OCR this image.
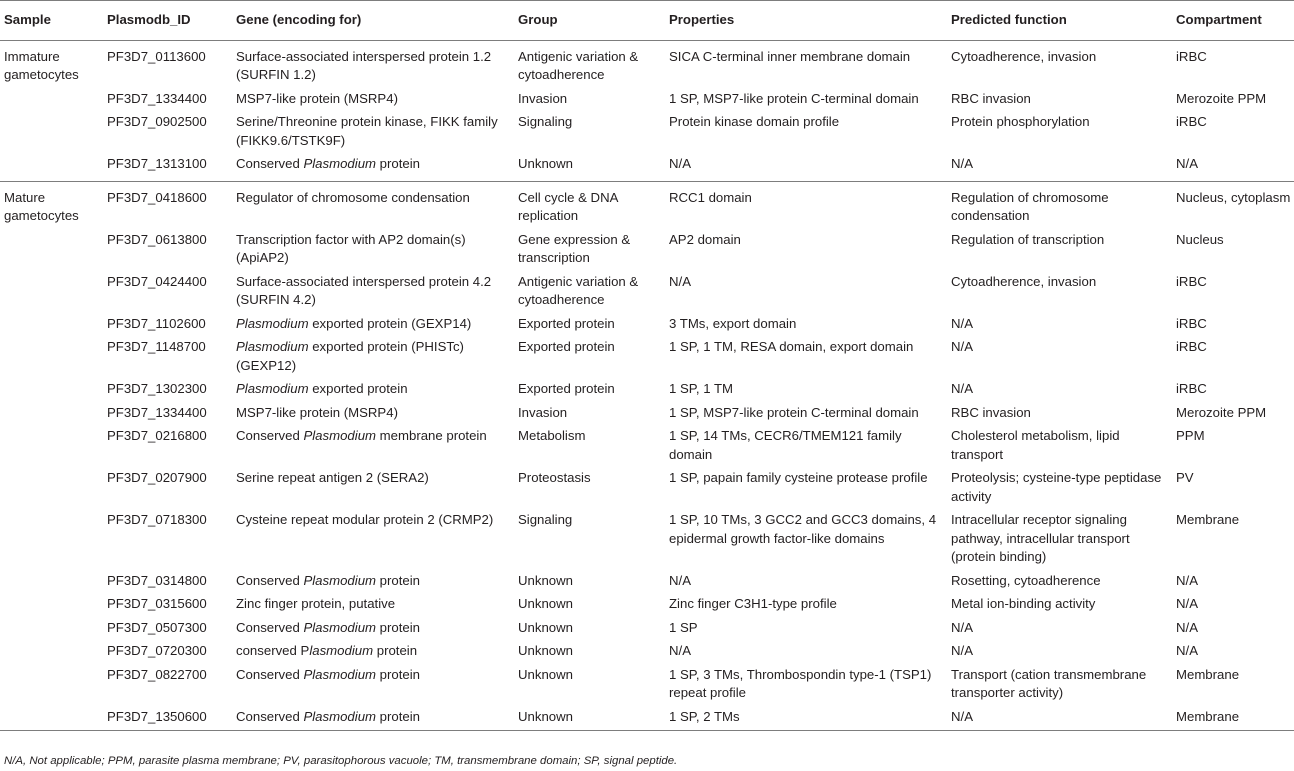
Sample	Plasmodb_ID	Gene (encoding for)	Group	Properties	Predicted function	Compartment
Immature gametocytes	PF3D7_0113600	Surface-associated interspersed protein 1.2 (SURFIN 1.2)	Antigenic variation & cytoadherence	SICA C-terminal inner membrane domain	Cytoadherence, invasion	iRBC
	PF3D7_1334400	MSP7-like protein (MSRP4)	Invasion	1 SP, MSP7-like protein C-terminal domain	RBC invasion	Merozoite PPM
	PF3D7_0902500	Serine/Threonine protein kinase, FIKK family (FIKK9.6/TSTK9F)	Signaling	Protein kinase domain profile	Protein phosphorylation	iRBC
	PF3D7_1313100	Conserved Plasmodium protein	Unknown	N/A	N/A	N/A
Mature gametocytes	PF3D7_0418600	Regulator of chromosome condensation	Cell cycle & DNA replication	RCC1 domain	Regulation of chromosome condensation	Nucleus, cytoplasm
	PF3D7_0613800	Transcription factor with AP2 domain(s) (ApiAP2)	Gene expression & transcription	AP2 domain	Regulation of transcription	Nucleus
	PF3D7_0424400	Surface-associated interspersed protein 4.2 (SURFIN 4.2)	Antigenic variation & cytoadherence	N/A	Cytoadherence, invasion	iRBC
	PF3D7_1102600	Plasmodium exported protein (GEXP14)	Exported protein	3 TMs, export domain	N/A	iRBC
	PF3D7_1148700	Plasmodium exported protein (PHISTc) (GEXP12)	Exported protein	1 SP, 1 TM, RESA domain, export domain	N/A	iRBC
	PF3D7_1302300	Plasmodium exported protein	Exported protein	1 SP, 1 TM	N/A	iRBC
	PF3D7_1334400	MSP7-like protein (MSRP4)	Invasion	1 SP, MSP7-like protein C-terminal domain	RBC invasion	Merozoite PPM
	PF3D7_0216800	Conserved Plasmodium membrane protein	Metabolism	1 SP, 14 TMs, CECR6/TMEM121 family domain	Cholesterol metabolism, lipid transport	PPM
	PF3D7_0207900	Serine repeat antigen 2 (SERA2)	Proteostasis	1 SP, papain family cysteine protease profile	Proteolysis; cysteine-type peptidase activity	PV
	PF3D7_0718300	Cysteine repeat modular protein 2 (CRMP2)	Signaling	1 SP, 10 TMs, 3 GCC2 and GCC3 domains, 4 epidermal growth factor-like domains	Intracellular receptor signaling pathway, intracellular transport (protein binding)	Membrane
	PF3D7_0314800	Conserved Plasmodium protein	Unknown	N/A	Rosetting, cytoadherence	N/A
	PF3D7_0315600	Zinc finger protein, putative	Unknown	Zinc finger C3H1-type profile	Metal ion-binding activity	N/A
	PF3D7_0507300	Conserved Plasmodium protein	Unknown	1 SP	N/A	N/A
	PF3D7_0720300	conserved Plasmodium protein	Unknown	N/A	N/A	N/A
	PF3D7_0822700	Conserved Plasmodium protein	Unknown	1 SP, 3 TMs, Thrombospondin type-1 (TSP1) repeat profile	Transport (cation transmembrane transporter activity)	Membrane
	PF3D7_1350600	Conserved Plasmodium protein	Unknown	1 SP, 2 TMs	N/A	Membrane
N/A, Not applicable; PPM, parasite plasma membrane; PV, parasitophorous vacuole; TM, transmembrane domain; SP, signal peptide.
